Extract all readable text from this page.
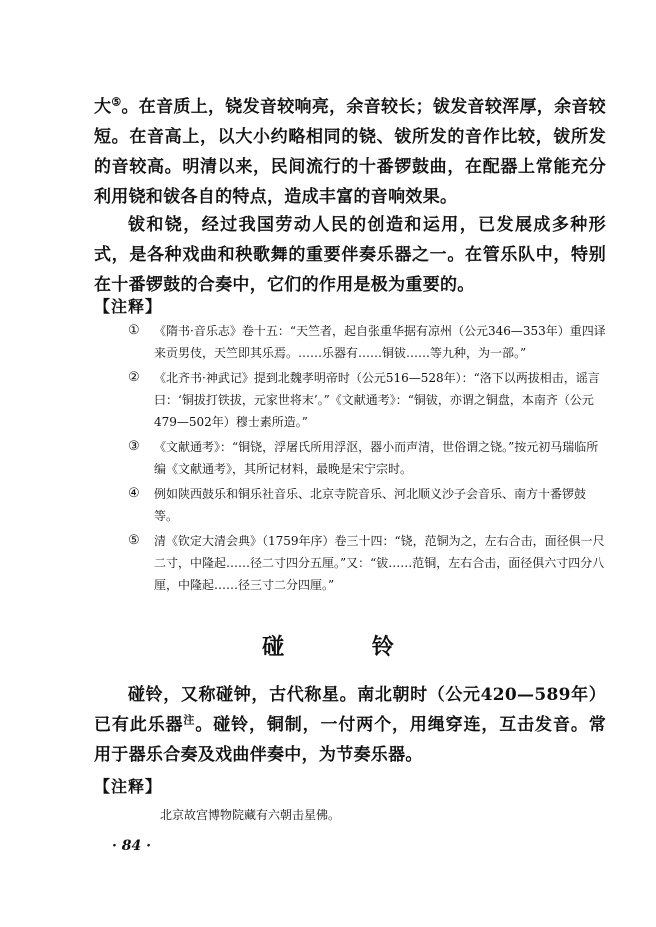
大⑤。在音质上，铙发音较响亮，余音较长；钹发音较浑厚，余音较短。在音高上，以大小约略相同的铙、钹所发的音作比较，钹所发的音较高。明清以来，民间流行的十番锣鼓曲，在配器上常能充分利用铙和钹各自的特点，造成丰富的音响效果。

钹和铙，经过我国劳动人民的创造和运用，已发展成多种形式，是各种戏曲和秧歌舞的重要伴奏乐器之一。在管乐队中，特别在十番锣鼓的合奏中，它们的作用是极为重要的。

【注释】
① 《隋书·音乐志》卷十五：“天竺者，起自张重华据有凉州（公元346—353年）重四译来贡男伎，天竺即其乐焉。……乐器有……铜钹……等九种，为一部。”
② 《北齐书·神武记》提到北魏孝明帝时（公元516—528年）：“洛下以两拔相击，谣言曰：‘铜拔打铁拔，元家世将末’。”《文献通考》：“铜钹，亦谓之铜盘，本南齐（公元479—502年）穆士素所造。”
③ 《文献通考》：“铜铙，浮屠氏所用浮沤，器小而声清，世俗谓之铙。”按元初马瑞临所编《文献通考》，其所记材料，最晚是宋宁宗时。
④ 例如陕西鼓乐和铜乐社音乐、北京寺院音乐、河北顺义沙子会音乐、南方十番锣鼓等。
⑤ 清《钦定大清会典》（1759年序）卷三十四：“铙，范铜为之，左右合击，面径俱一尺二寸，中隆起……径二寸四分五厘。”又：“钹……范铜，左右合击，面径俱六寸四分八厘，中隆起……径三寸二分四厘。”
碰 铃

碰铃，又称碰钟，古代称星。南北朝时（公元420—589年）已有此乐器$^注$。碰铃，铜制，一付两个，用绳穿连，互击发音。常用于器乐合奏及戏曲伴奏中，为节奏乐器。

【注释】
北京故宫博物院藏有六朝击星佛。
· 84 ·
